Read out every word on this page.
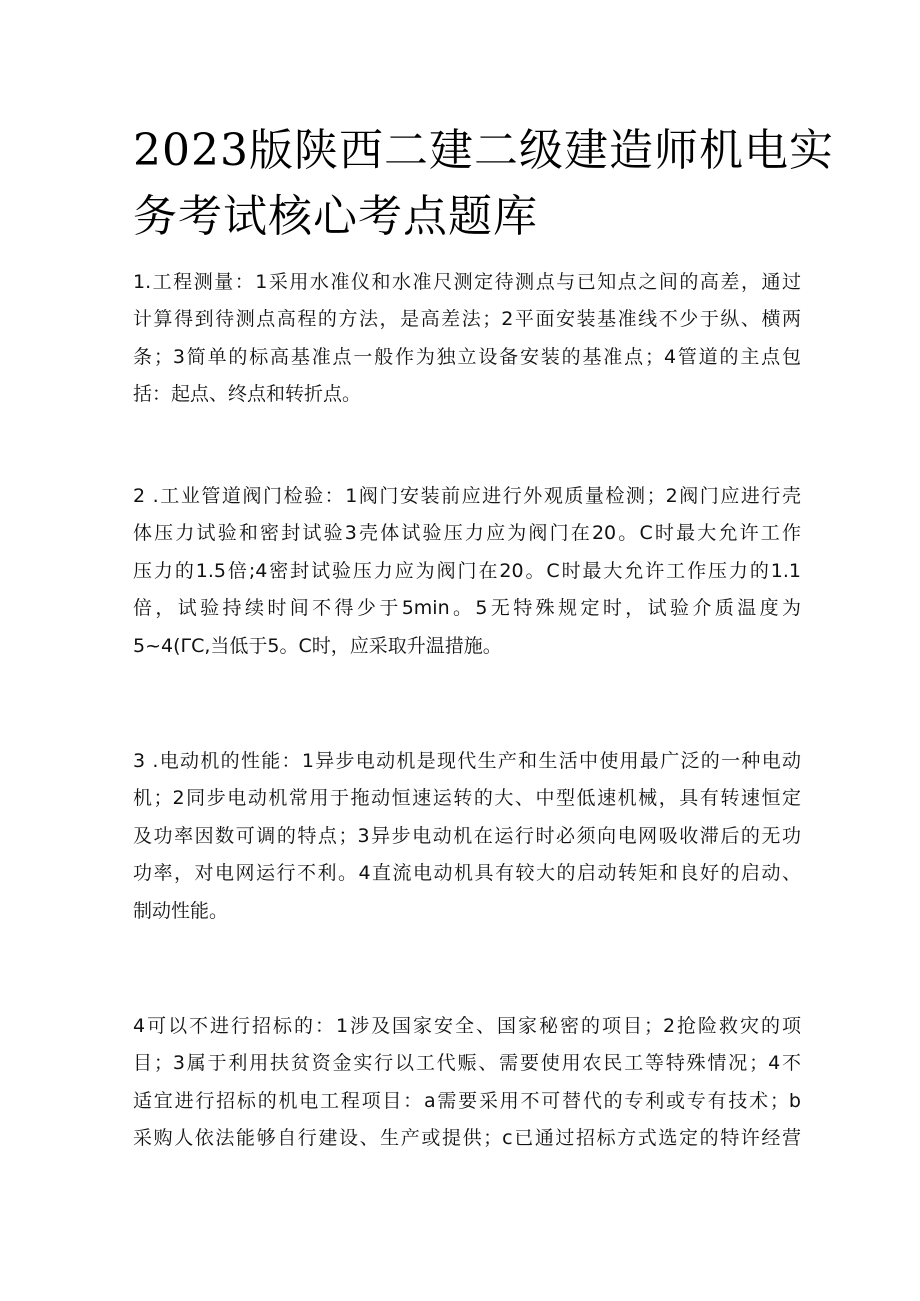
2023版陕西二建二级建造师机电实
务考试核心考点题库
1.工程测量：1采用水准仪和水准尺测定待测点与已知点之间的高差，通过
计算得到待测点高程的方法，是高差法；2平面安装基准线不少于纵、横两
条；3简单的标高基准点一般作为独立设备安装的基准点；4管道的主点包
括：起点、终点和转折点。
2 .工业管道阀门检验：1阀门安装前应进行外观质量检测；2阀门应进行壳
体压力试验和密封试验3壳体试验压力应为阀门在20。C时最大允许工作
压力的1.5倍;4密封试验压力应为阀门在20。C时最大允许工作压力的1.1
倍，试验持续时间不得少于5min。5无特殊规定时，试验介质温度为
5~4(ΓC,当低于5。C时，应采取升温措施。
3 .电动机的性能：1异步电动机是现代生产和生活中使用最广泛的一种电动
机；2同步电动机常用于拖动恒速运转的大、中型低速机械，具有转速恒定
及功率因数可调的特点；3异步电动机在运行时必须向电网吸收滞后的无功
功率，对电网运行不利。4直流电动机具有较大的启动转矩和良好的启动、
制动性能。
4可以不进行招标的：1涉及国家安全、国家秘密的项目；2抢险救灾的项
目；3属于利用扶贫资金实行以工代赈、需要使用农民工等特殊情况；4不
适宜进行招标的机电工程项目：a需要采用不可替代的专利或专有技术；b
采购人依法能够自行建设、生产或提供；c已通过招标方式选定的特许经营
